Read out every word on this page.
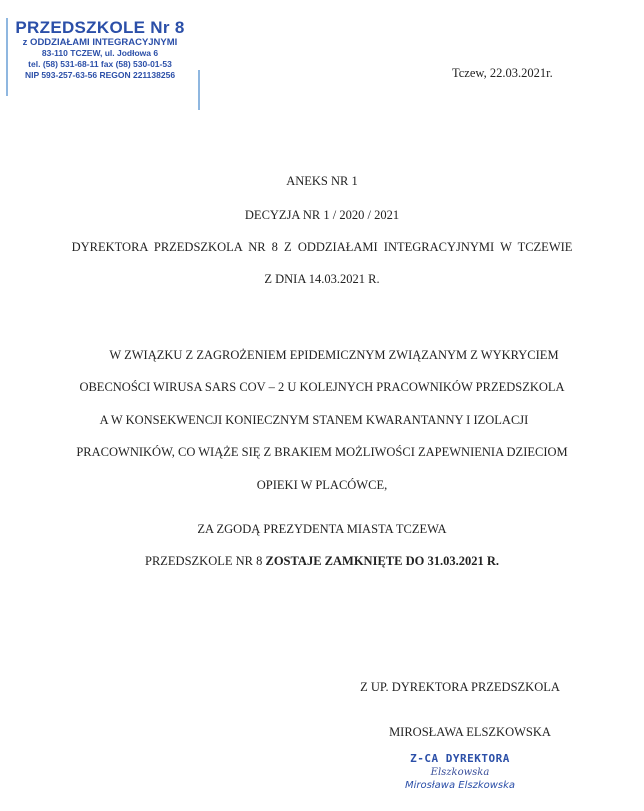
PRZEDSZKOLE Nr 8
z ODDZIAŁAMI INTEGRACYJNYMI
83-110 TCZEW, ul. Jodłowa 6
tel. (58) 531-68-11 fax (58) 530-01-53
NIP 593-257-63-56 REGON 221138256	Tczew, 22.03.2021r.
ANEKS NR 1
DECYZJA NR 1 / 2020 / 2021
DYREKTORA PRZEDSZKOLA NR 8 Z ODDZIAŁAMI INTEGRACYJNYMI W TCZEWIE
Z DNIA 14.03.2021 R.
W ZWIĄZKU Z ZAGROŻENIEM EPIDEMICZNYM ZWIĄZANYM Z WYKRYCIEM
OBECNOŚCI WIRUSA SARS COV – 2 U KOLEJNYCH PRACOWNIKÓW PRZEDSZKOLA
A W KONSEKWENCJI KONIECZNYM STANEM KWARANTANNY I IZOLACJI
PRACOWNIKÓW, CO WIĄŻE SIĘ Z BRAKIEM MOŻLIWOŚCI ZAPEWNIENIA DZIECIOM
OPIEKI W PLACÓWCE,
ZA ZGODĄ PREZYDENTA MIASTA TCZEWA
PRZEDSZKOLE NR 8 ZOSTAJE ZAMKNIĘTE DO 31.03.2021 R.
Z UP. DYREKTORA PRZEDSZKOLA
MIROSŁAWA ELSZKOWSKA
Z-CA DYREKTORA
Elszkowska
Mirosława Elszkowska
